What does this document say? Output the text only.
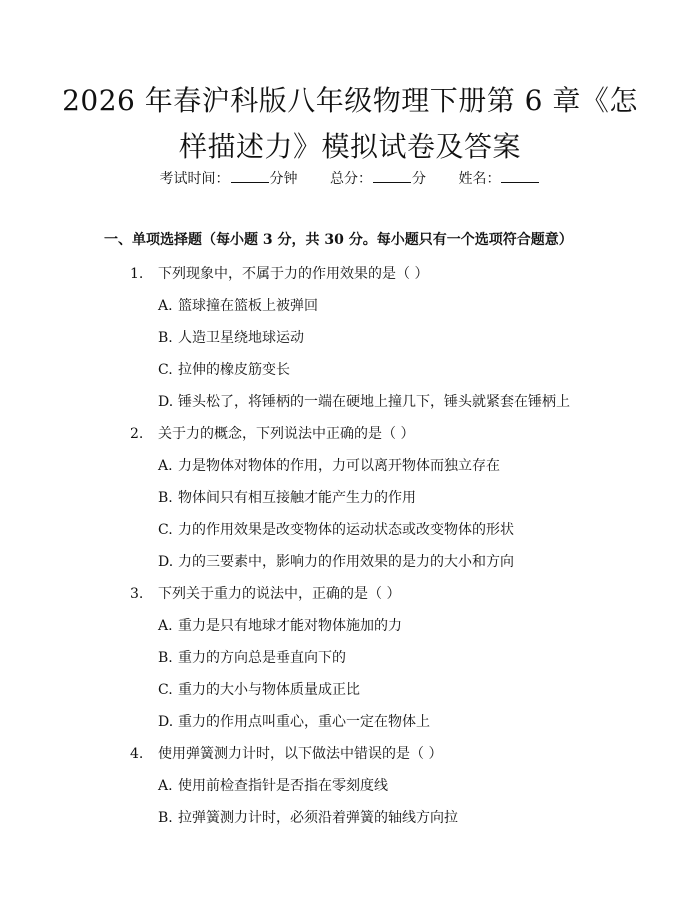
2026 年春沪科版八年级物理下册第 6 章《怎样描述力》模拟试卷及答案
考试时间：	分钟 总分：	分 姓名：
一、单项选择题（每小题 3 分，共 30 分。每小题只有一个选项符合题意）
1. 下列现象中，不属于力的作用效果的是（ ）
A. 篮球撞在篮板上被弹回
B. 人造卫星绕地球运动
C. 拉伸的橡皮筋变长
D. 锤头松了，将锤柄的一端在硬地上撞几下，锤头就紧套在锤柄上
2. 关于力的概念，下列说法中正确的是（ ）
A. 力是物体对物体的作用，力可以离开物体而独立存在
B. 物体间只有相互接触才能产生力的作用
C. 力的作用效果是改变物体的运动状态或改变物体的形状
D. 力的三要素中，影响力的作用效果的是力的大小和方向
3. 下列关于重力的说法中，正确的是（ ）
A. 重力是只有地球才能对物体施加的力
B. 重力的方向总是垂直向下的
C. 重力的大小与物体质量成正比
D. 重力的作用点叫重心，重心一定在物体上
4. 使用弹簧测力计时，以下做法中错误的是（ ）
A. 使用前检查指针是否指在零刻度线
B. 拉弹簧测力计时，必须沿着弹簧的轴线方向拉
